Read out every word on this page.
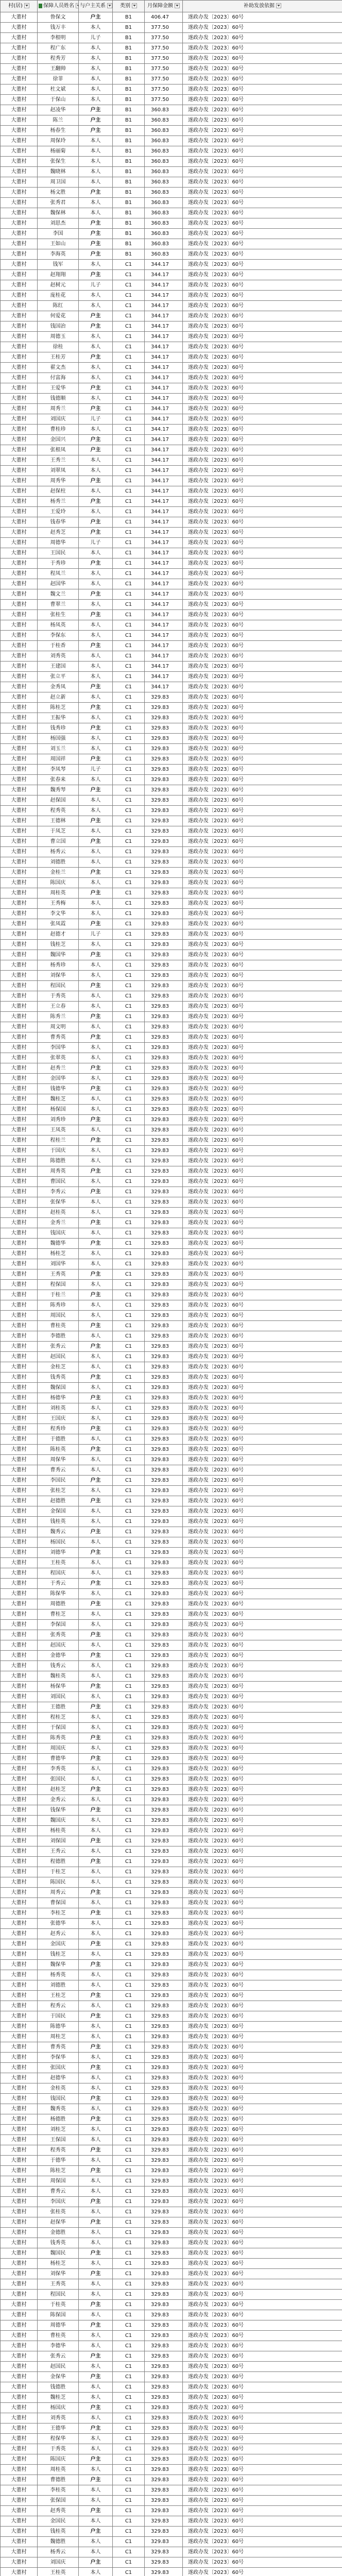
村(居)	保障人员姓名	与户主关系	类别	月保障金额	补助发放依据
大董村	鲁保文	户主	B1	406.47	遂政办发〔2023〕60号
大董村	钱万丰	本人	B1	377.50	遂政办发〔2023〕60号
大董村	李根明	儿子	B1	377.50	遂政办发〔2023〕60号
大董村	程广东	本人	B1	377.50	遂政办发〔2023〕60号
大董村	程秀芳	本人	B1	377.50	遂政办发〔2023〕60号
大董村	王翻帅	本人	B1	377.50	遂政办发〔2023〕60号
大董村	徐菲	本人	B1	377.50	遂政办发〔2023〕60号
大董村	杜文斌	本人	B1	377.50	遂政办发〔2023〕60号
大董村	于保山	本人	B1	377.50	遂政办发〔2023〕60号
大董村	赵凌华	户主	B1	360.83	遂政办发〔2023〕60号
大董村	陈兰	户主	B1	360.83	遂政办发〔2023〕60号
大董村	杨春生	户主	B1	360.83	遂政办发〔2023〕60号
大董村	周保玲	本人	B1	360.83	遂政办发〔2023〕60号
大董村	杨丽菊	本人	B1	360.83	遂政办发〔2023〕60号
大董村	张保生	本人	B1	360.83	遂政办发〔2023〕60号
大董村	魏晓林	本人	B1	360.83	遂政办发〔2023〕60号
大董村	周卫国	本人	B1	360.83	遂政办发〔2023〕60号
大董村	杨文胜	户主	B1	360.83	遂政办发〔2023〕60号
大董村	张秀君	本人	B1	360.83	遂政办发〔2023〕60号
大董村	魏保林	本人	B1	360.83	遂政办发〔2023〕60号
大董村	刘思杰	户主	B1	360.83	遂政办发〔2023〕60号
大董村	李国	户主	B1	360.83	遂政办发〔2023〕60号
大董村	王如山	户主	B1	360.83	遂政办发〔2023〕60号
大董村	李海英	户主	B1	360.83	遂政办发〔2023〕60号
大董村	钱军	本人	C1	344.17	遂政办发〔2023〕60号
大董村	赵翔翔	户主	C1	344.17	遂政办发〔2023〕60号
大董村	赵树元	儿子	C1	344.17	遂政办发〔2023〕60号
大董村	庞桂花	本人	C1	344.17	遂政办发〔2023〕60号
大董村	陈红	本人	C1	344.17	遂政办发〔2023〕60号
大董村	何爱花	户主	C1	344.17	遂政办发〔2023〕60号
大董村	钱国治	户主	C1	344.17	遂政办发〔2023〕60号
大董村	周德玉	本人	C1	344.17	遂政办发〔2023〕60号
大董村	徐桂	本人	C1	344.17	遂政办发〔2023〕60号
大董村	王桂芳	户主	C1	344.17	遂政办发〔2023〕60号
大董村	翟文杰	本人	C1	344.17	遂政办发〔2023〕60号
大董村	付富海	本人	C1	344.17	遂政办发〔2023〕60号
大董村	王爱华	户主	C1	344.17	遂政办发〔2023〕60号
大董村	钱德顺	本人	C1	344.17	遂政办发〔2023〕60号
大董村	周秀兰	户主	C1	344.17	遂政办发〔2023〕60号
大董村	刘国庆	儿子	C1	344.17	遂政办发〔2023〕60号
大董村	曹桂珍	本人	C1	344.17	遂政办发〔2023〕60号
大董村	金国兴	户主	C1	344.17	遂政办发〔2023〕60号
大董村	张根凤	户主	C1	344.17	遂政办发〔2023〕60号
大董村	王秀兰	本人	C1	344.17	遂政办发〔2023〕60号
大董村	刘翠凤	本人	C1	344.17	遂政办发〔2023〕60号
大董村	周秀华	户主	C1	344.17	遂政办发〔2023〕60号
大董村	赵保柱	本人	C1	344.17	遂政办发〔2023〕60号
大董村	杨秀兰	户主	C1	344.17	遂政办发〔2023〕60号
大董村	王爱玲	本人	C1	344.17	遂政办发〔2023〕60号
大董村	钱春华	户主	C1	344.17	遂政办发〔2023〕60号
大董村	赵秀芝	户主	C1	344.17	遂政办发〔2023〕60号
大董村	周德华	儿子	C1	344.17	遂政办发〔2023〕60号
大董村	王国民	本人	C1	344.17	遂政办发〔2023〕60号
大董村	于秀珍	户主	C1	344.17	遂政办发〔2023〕60号
大董村	程凤兰	本人	C1	344.17	遂政办发〔2023〕60号
大董村	赵国华	本人	C1	344.17	遂政办发〔2023〕60号
大董村	魏文兰	户主	C1	344.17	遂政办发〔2023〕60号
大董村	曹翠兰	本人	C1	344.17	遂政办发〔2023〕60号
大董村	张桂生	户主	C1	344.17	遂政办发〔2023〕60号
大董村	杨凤英	本人	C1	344.17	遂政办发〔2023〕60号
大董村	李保东	本人	C1	344.17	遂政办发〔2023〕60号
大董村	于桂香	户主	C1	344.17	遂政办发〔2023〕60号
大董村	刘秀英	本人	C1	344.17	遂政办发〔2023〕60号
大董村	王建国	本人	C1	344.17	遂政办发〔2023〕60号
大董村	张立平	本人	C1	344.17	遂政办发〔2023〕60号
大董村	金秀凤	户主	C1	344.17	遂政办发〔2023〕60号
大董村	赵立新	本人	C1	329.83	遂政办发〔2023〕60号
大董村	陈桂芝	户主	C1	329.83	遂政办发〔2023〕60号
大董村	王振华	本人	C1	329.83	遂政办发〔2023〕60号
大董村	钱秀珍	户主	C1	329.83	遂政办发〔2023〕60号
大董村	杨国强	本人	C1	329.83	遂政办发〔2023〕60号
大董村	刘玉兰	本人	C1	329.83	遂政办发〔2023〕60号
大董村	周国祥	户主	C1	329.83	遂政办发〔2023〕60号
大董村	李凤琴	儿子	C1	329.83	遂政办发〔2023〕60号
大董村	张春来	本人	C1	329.83	遂政办发〔2023〕60号
大董村	魏秀琴	户主	C1	329.83	遂政办发〔2023〕60号
大董村	赵保国	本人	C1	329.83	遂政办发〔2023〕60号
大董村	程秀英	本人	C1	329.83	遂政办发〔2023〕60号
大董村	王德林	户主	C1	329.83	遂政办发〔2023〕60号
大董村	于凤芝	本人	C1	329.83	遂政办发〔2023〕60号
大董村	曹立国	户主	C1	329.83	遂政办发〔2023〕60号
大董村	杨秀云	本人	C1	329.83	遂政办发〔2023〕60号
大董村	刘德胜	本人	C1	329.83	遂政办发〔2023〕60号
大董村	金桂兰	户主	C1	329.83	遂政办发〔2023〕60号
大董村	陈国庆	本人	C1	329.83	遂政办发〔2023〕60号
大董村	周桂英	户主	C1	329.83	遂政办发〔2023〕60号
大董村	王秀梅	本人	C1	329.83	遂政办发〔2023〕60号
大董村	李文华	本人	C1	329.83	遂政办发〔2023〕60号
大董村	张凤霞	户主	C1	329.83	遂政办发〔2023〕60号
大董村	赵德才	儿子	C1	329.83	遂政办发〔2023〕60号
大董村	钱桂芝	本人	C1	329.83	遂政办发〔2023〕60号
大董村	魏国华	户主	C1	329.83	遂政办发〔2023〕60号
大董村	杨秀珍	本人	C1	329.83	遂政办发〔2023〕60号
大董村	刘保华	本人	C1	329.83	遂政办发〔2023〕60号
大董村	程国民	户主	C1	329.83	遂政办发〔2023〕60号
大董村	于秀英	本人	C1	329.83	遂政办发〔2023〕60号
大董村	王立春	本人	C1	329.83	遂政办发〔2023〕60号
大董村	陈秀兰	户主	C1	329.83	遂政办发〔2023〕60号
大董村	周文明	本人	C1	329.83	遂政办发〔2023〕60号
大董村	曹秀英	户主	C1	329.83	遂政办发〔2023〕60号
大董村	李国华	本人	C1	329.83	遂政办发〔2023〕60号
大董村	张翠英	本人	C1	329.83	遂政办发〔2023〕60号
大董村	赵秀兰	户主	C1	329.83	遂政办发〔2023〕60号
大董村	金国华	本人	C1	329.83	遂政办发〔2023〕60号
大董村	钱德华	户主	C1	329.83	遂政办发〔2023〕60号
大董村	魏桂芝	本人	C1	329.83	遂政办发〔2023〕60号
大董村	杨保国	本人	C1	329.83	遂政办发〔2023〕60号
大董村	刘秀珍	户主	C1	329.83	遂政办发〔2023〕60号
大董村	王凤英	本人	C1	329.83	遂政办发〔2023〕60号
大董村	程桂兰	户主	C1	329.83	遂政办发〔2023〕60号
大董村	于国庆	本人	C1	329.83	遂政办发〔2023〕60号
大董村	陈德胜	本人	C1	329.83	遂政办发〔2023〕60号
大董村	周秀英	户主	C1	329.83	遂政办发〔2023〕60号
大董村	曹国民	本人	C1	329.83	遂政办发〔2023〕60号
大董村	李秀云	户主	C1	329.83	遂政办发〔2023〕60号
大董村	张保华	本人	C1	329.83	遂政办发〔2023〕60号
大董村	赵桂英	本人	C1	329.83	遂政办发〔2023〕60号
大董村	金秀兰	户主	C1	329.83	遂政办发〔2023〕60号
大董村	钱国庆	本人	C1	329.83	遂政办发〔2023〕60号
大董村	魏德华	户主	C1	329.83	遂政办发〔2023〕60号
大董村	杨桂芝	本人	C1	329.83	遂政办发〔2023〕60号
大董村	刘国华	本人	C1	329.83	遂政办发〔2023〕60号
大董村	王秀英	户主	C1	329.83	遂政办发〔2023〕60号
大董村	程保国	本人	C1	329.83	遂政办发〔2023〕60号
大董村	于桂兰	户主	C1	329.83	遂政办发〔2023〕60号
大董村	陈秀珍	本人	C1	329.83	遂政办发〔2023〕60号
大董村	周国民	本人	C1	329.83	遂政办发〔2023〕60号
大董村	曹桂英	户主	C1	329.83	遂政办发〔2023〕60号
大董村	李德胜	本人	C1	329.83	遂政办发〔2023〕60号
大董村	张秀云	户主	C1	329.83	遂政办发〔2023〕60号
大董村	赵国民	本人	C1	329.83	遂政办发〔2023〕60号
大董村	金桂芝	本人	C1	329.83	遂政办发〔2023〕60号
大董村	钱秀英	户主	C1	329.83	遂政办发〔2023〕60号
大董村	魏保国	本人	C1	329.83	遂政办发〔2023〕60号
大董村	杨德华	户主	C1	329.83	遂政办发〔2023〕60号
大董村	刘桂英	本人	C1	329.83	遂政办发〔2023〕60号
大董村	王国庆	本人	C1	329.83	遂政办发〔2023〕60号
大董村	程秀珍	户主	C1	329.83	遂政办发〔2023〕60号
大董村	于德胜	本人	C1	329.83	遂政办发〔2023〕60号
大董村	陈桂英	户主	C1	329.83	遂政办发〔2023〕60号
大董村	周保华	本人	C1	329.83	遂政办发〔2023〕60号
大董村	曹秀云	本人	C1	329.83	遂政办发〔2023〕60号
大董村	李国民	户主	C1	329.83	遂政办发〔2023〕60号
大董村	张桂芝	本人	C1	329.83	遂政办发〔2023〕60号
大董村	赵德胜	户主	C1	329.83	遂政办发〔2023〕60号
大董村	金保国	本人	C1	329.83	遂政办发〔2023〕60号
大董村	钱桂英	本人	C1	329.83	遂政办发〔2023〕60号
大董村	魏秀云	户主	C1	329.83	遂政办发〔2023〕60号
大董村	杨国民	本人	C1	329.83	遂政办发〔2023〕60号
大董村	刘德华	户主	C1	329.83	遂政办发〔2023〕60号
大董村	王桂英	本人	C1	329.83	遂政办发〔2023〕60号
大董村	程国庆	本人	C1	329.83	遂政办发〔2023〕60号
大董村	于秀云	户主	C1	329.83	遂政办发〔2023〕60号
大董村	陈保华	本人	C1	329.83	遂政办发〔2023〕60号
大董村	周德胜	户主	C1	329.83	遂政办发〔2023〕60号
大董村	曹桂芝	本人	C1	329.83	遂政办发〔2023〕60号
大董村	李保国	本人	C1	329.83	遂政办发〔2023〕60号
大董村	张秀英	户主	C1	329.83	遂政办发〔2023〕60号
大董村	赵国庆	本人	C1	329.83	遂政办发〔2023〕60号
大董村	金德华	户主	C1	329.83	遂政办发〔2023〕60号
大董村	钱秀云	本人	C1	329.83	遂政办发〔2023〕60号
大董村	魏桂英	本人	C1	329.83	遂政办发〔2023〕60号
大董村	杨保华	户主	C1	329.83	遂政办发〔2023〕60号
大董村	刘国民	本人	C1	329.83	遂政办发〔2023〕60号
大董村	王德胜	户主	C1	329.83	遂政办发〔2023〕60号
大董村	程桂芝	本人	C1	329.83	遂政办发〔2023〕60号
大董村	于保国	本人	C1	329.83	遂政办发〔2023〕60号
大董村	陈秀英	户主	C1	329.83	遂政办发〔2023〕60号
大董村	周国庆	本人	C1	329.83	遂政办发〔2023〕60号
大董村	曹德华	户主	C1	329.83	遂政办发〔2023〕60号
大董村	李秀英	本人	C1	329.83	遂政办发〔2023〕60号
大董村	张国民	本人	C1	329.83	遂政办发〔2023〕60号
大董村	赵桂芝	户主	C1	329.83	遂政办发〔2023〕60号
大董村	金秀云	本人	C1	329.83	遂政办发〔2023〕60号
大董村	钱保华	户主	C1	329.83	遂政办发〔2023〕60号
大董村	魏国庆	本人	C1	329.83	遂政办发〔2023〕60号
大董村	杨桂英	本人	C1	329.83	遂政办发〔2023〕60号
大董村	刘保国	户主	C1	329.83	遂政办发〔2023〕60号
大董村	王秀云	本人	C1	329.83	遂政办发〔2023〕60号
大董村	程德胜	户主	C1	329.83	遂政办发〔2023〕60号
大董村	于桂芝	本人	C1	329.83	遂政办发〔2023〕60号
大董村	陈国民	本人	C1	329.83	遂政办发〔2023〕60号
大董村	周秀云	户主	C1	329.83	遂政办发〔2023〕60号
大董村	曹保国	本人	C1	329.83	遂政办发〔2023〕60号
大董村	李桂芝	户主	C1	329.83	遂政办发〔2023〕60号
大董村	张德华	本人	C1	329.83	遂政办发〔2023〕60号
大董村	赵秀云	本人	C1	329.83	遂政办发〔2023〕60号
大董村	金国庆	户主	C1	329.83	遂政办发〔2023〕60号
大董村	钱桂芝	本人	C1	329.83	遂政办发〔2023〕60号
大董村	魏保华	户主	C1	329.83	遂政办发〔2023〕60号
大董村	杨秀英	本人	C1	329.83	遂政办发〔2023〕60号
大董村	刘德胜	本人	C1	329.83	遂政办发〔2023〕60号
大董村	王桂芝	户主	C1	329.83	遂政办发〔2023〕60号
大董村	程秀云	本人	C1	329.83	遂政办发〔2023〕60号
大董村	于国民	户主	C1	329.83	遂政办发〔2023〕60号
大董村	陈德华	本人	C1	329.83	遂政办发〔2023〕60号
大董村	周桂芝	本人	C1	329.83	遂政办发〔2023〕60号
大董村	曹秀英	户主	C1	329.83	遂政办发〔2023〕60号
大董村	李保华	本人	C1	329.83	遂政办发〔2023〕60号
大董村	张国庆	户主	C1	329.83	遂政办发〔2023〕60号
大董村	赵德华	本人	C1	329.83	遂政办发〔2023〕60号
大董村	金桂英	本人	C1	329.83	遂政办发〔2023〕60号
大董村	钱国民	户主	C1	329.83	遂政办发〔2023〕60号
大董村	魏秀英	本人	C1	329.83	遂政办发〔2023〕60号
大董村	杨德胜	户主	C1	329.83	遂政办发〔2023〕60号
大董村	刘桂芝	本人	C1	329.83	遂政办发〔2023〕60号
大董村	王保国	本人	C1	329.83	遂政办发〔2023〕60号
大董村	程秀英	户主	C1	329.83	遂政办发〔2023〕60号
大董村	于德华	本人	C1	329.83	遂政办发〔2023〕60号
大董村	陈桂芝	户主	C1	329.83	遂政办发〔2023〕60号
大董村	周保国	本人	C1	329.83	遂政办发〔2023〕60号
大董村	曹秀云	本人	C1	329.83	遂政办发〔2023〕60号
大董村	李国庆	户主	C1	329.83	遂政办发〔2023〕60号
大董村	张桂英	本人	C1	329.83	遂政办发〔2023〕60号
大董村	赵保华	户主	C1	329.83	遂政办发〔2023〕60号
大董村	金德胜	本人	C1	329.83	遂政办发〔2023〕60号
大董村	钱秀英	本人	C1	329.83	遂政办发〔2023〕60号
大董村	魏国民	户主	C1	329.83	遂政办发〔2023〕60号
大董村	杨桂芝	本人	C1	329.83	遂政办发〔2023〕60号
大董村	刘保华	户主	C1	329.83	遂政办发〔2023〕60号
大董村	王秀英	本人	C1	329.83	遂政办发〔2023〕60号
大董村	程国民	本人	C1	329.83	遂政办发〔2023〕60号
大董村	于桂英	户主	C1	329.83	遂政办发〔2023〕60号
大董村	陈保国	本人	C1	329.83	遂政办发〔2023〕60号
大董村	周德华	户主	C1	329.83	遂政办发〔2023〕60号
大董村	曹桂英	本人	C1	329.83	遂政办发〔2023〕60号
大董村	李德华	本人	C1	329.83	遂政办发〔2023〕60号
大董村	张秀云	户主	C1	329.83	遂政办发〔2023〕60号
大董村	赵国民	本人	C1	329.83	遂政办发〔2023〕60号
大董村	金保华	户主	C1	329.83	遂政办发〔2023〕60号
大董村	钱德胜	本人	C1	329.83	遂政办发〔2023〕60号
大董村	魏桂芝	本人	C1	329.83	遂政办发〔2023〕60号
大董村	杨国庆	户主	C1	329.83	遂政办发〔2023〕60号
大董村	刘秀英	本人	C1	329.83	遂政办发〔2023〕60号
大董村	王德华	户主	C1	329.83	遂政办发〔2023〕60号
大董村	程保华	本人	C1	329.83	遂政办发〔2023〕60号
大董村	于秀英	本人	C1	329.83	遂政办发〔2023〕60号
大董村	陈国庆	户主	C1	329.83	遂政办发〔2023〕60号
大董村	周桂英	本人	C1	329.83	遂政办发〔2023〕60号
大董村	曹德胜	户主	C1	329.83	遂政办发〔2023〕60号
大董村	李桂英	本人	C1	329.83	遂政办发〔2023〕60号
大董村	张保国	本人	C1	329.83	遂政办发〔2023〕60号
大董村	赵秀英	户主	C1	329.83	遂政办发〔2023〕60号
大董村	金国民	本人	C1	329.83	遂政办发〔2023〕60号
大董村	钱桂英	户主	C1	329.83	遂政办发〔2023〕60号
大董村	魏德胜	本人	C1	329.83	遂政办发〔2023〕60号
大董村	杨秀云	本人	C1	329.83	遂政办发〔2023〕60号
大董村	刘国庆	户主	C1	329.83	遂政办发〔2023〕60号
大董村	王桂英	本人	C1	329.83	遂政办发〔2023〕60号
